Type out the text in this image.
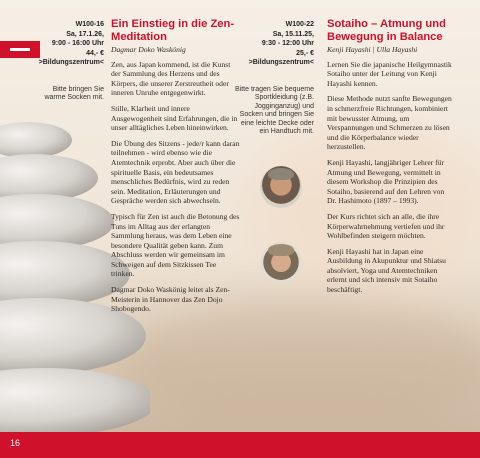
W100-16
Sa, 17.1.26,
9:00 - 16:00 Uhr
44,- €
>Bildungszentrum<
Bitte bringen Sie warme Socken mit.
Ein Einstieg in die Zen-Meditation
Dagmar Doko Waskönig

Zen, aus Japan kommend, ist die Kunst der Sammlung des Herzens und des Körpers, die unserer Zerstreutheit oder inneren Unruhe entgegenwirkt.

Stille, Klarheit und innere Ausgewogenheit sind Erfahrungen, die in unser alltägliches Leben hineinwirken.

Die Übung des Sitzens - jede/r kann daran teilnehmen - wird ebenso wie die Atemtechnik erprobt. Aber auch über die spirituelle Basis, ein bedeutsames menschliches Bedürfnis, wird zu reden sein. Meditation, Erläuterungen und Gespräche werden sich abwechseln.

Typisch für Zen ist auch die Betonung des Tuns im Alltag aus der erlangten Sammlung heraus, was dem Leben eine besondere Qualität geben kann. Zum Abschluss werden wir gemeinsam im Schweigen auf dem Sitzkissen Tee trinken.

Dagmar Doko Waskönig leitet als Zen-Meisterin in Hannover das Zen Dojo Shobogendo.

W100-22
Sa, 15.11.25,
9:30 - 12:00 Uhr
25,- €
>Bildungszentrum<
Bitte tragen Sie bequeme Sportkleidung (z.B. Jogginganzug) und Socken und bringen Sie eine leichte Decke oder ein Handtuch mit.
Sotaiho – Atmung und Bewegung in Balance
Kenji Hayashi | Ulla Hayashi

Lernen Sie die japanische Heilgymnastik Sotaiho unter der Leitung von Kenji Hayashi kennen.

Diese Methode nutzt sanfte Bewegungen in schmerzfreie Richtungen, kombiniert mit bewusster Atmung, um Verspannungen und Schmerzen zu lösen und die Körperbalance wieder herzustellen.

Kenji Hayashi, langjähriger Lehrer für Atmung und Bewegung, vermittelt in diesem Workshop die Prinzipien des Sotaiho, basierend auf den Lehren von Dr. Hashimoto (1897 – 1993).

Der Kurs richtet sich an alle, die ihre Körperwahrnehmung vertiefen und ihr Wohlbefinden steigern möchten.

Kenji Hayashi hat in Japan eine Ausbildung in Akupunktur und Shiatsu absolviert, Yoga und Atemtechniken erlernt und sich intensiv mit Sotaiho beschäftigt.

16
